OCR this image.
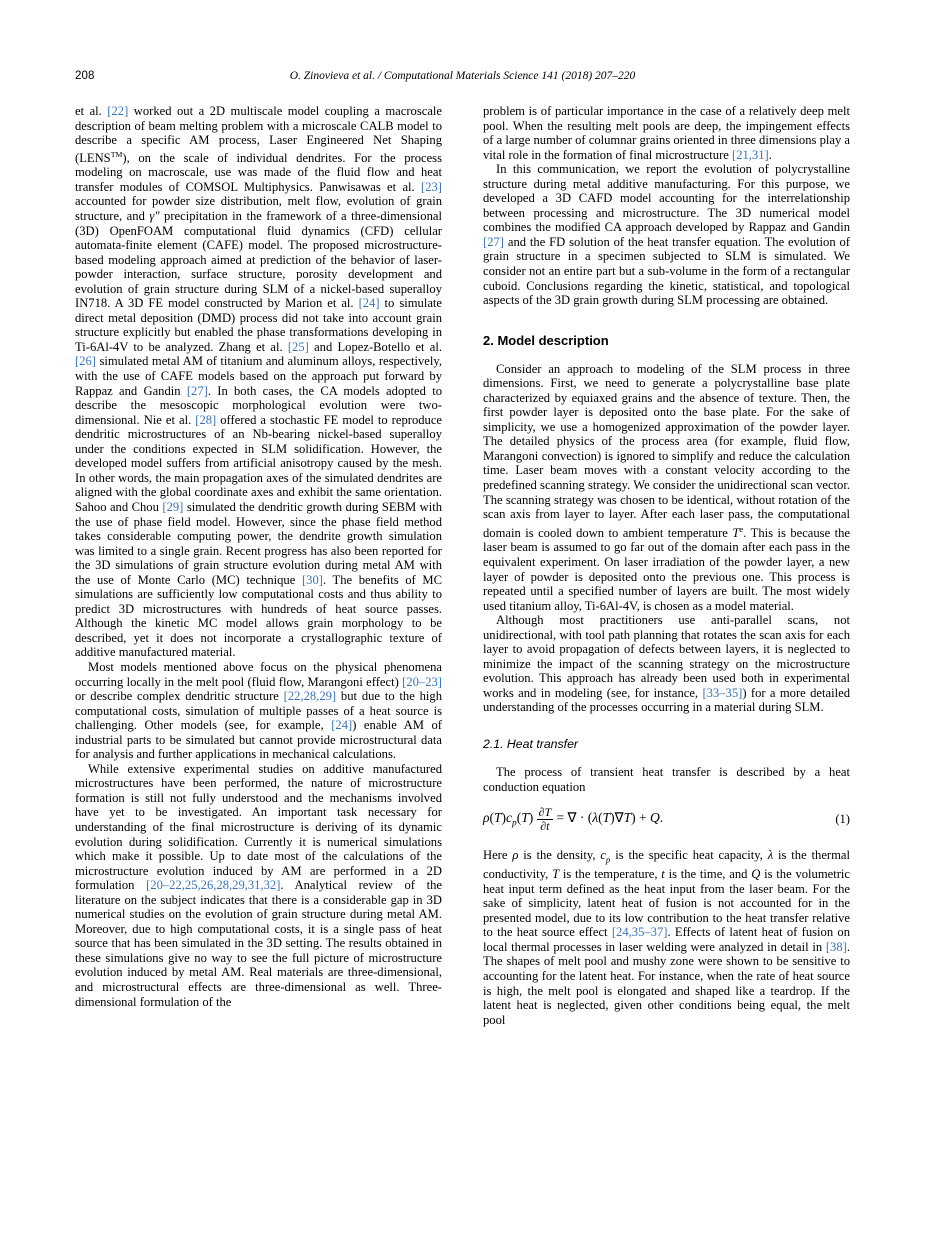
208	O. Zinovieva et al. / Computational Materials Science 141 (2018) 207–220

et al. [22] worked out a 2D multiscale model coupling a macroscale description of beam melting problem with a microscale CALB model to describe a specific AM process, Laser Engineered Net Shaping (LENS™), on the scale of individual dendrites. For the process modeling on macroscale, use was made of the fluid flow and heat transfer modules of COMSOL Multiphysics. Panwisawas et al. [23] accounted for powder size distribution, melt flow, evolution of grain structure, and γ″ precipitation in the framework of a three-dimensional (3D) OpenFOAM computational fluid dynamics (CFD) cellular automata-finite element (CAFE) model. The proposed microstructure-based modeling approach aimed at prediction of the behavior of laser-powder interaction, surface structure, porosity development and evolution of grain structure during SLM of a nickel-based superalloy IN718. A 3D FE model constructed by Marion et al. [24] to simulate direct metal deposition (DMD) process did not take into account grain structure explicitly but enabled the phase transformations developing in Ti-6Al-4V to be analyzed. Zhang et al. [25] and Lopez-Botello et al. [26] simulated metal AM of titanium and aluminum alloys, respectively, with the use of CAFE models based on the approach put forward by Rappaz and Gandin [27]. In both cases, the CA models adopted to describe the mesoscopic morphological evolution were two-dimensional. Nie et al. [28] offered a stochastic FE model to reproduce dendritic microstructures of an Nb-bearing nickel-based superalloy under the conditions expected in SLM solidification. However, the developed model suffers from artificial anisotropy caused by the mesh. In other words, the main propagation axes of the simulated dendrites are aligned with the global coordinate axes and exhibit the same orientation. Sahoo and Chou [29] simulated the dendritic growth during SEBM with the use of phase field model. However, since the phase field method takes considerable computing power, the dendrite growth simulation was limited to a single grain. Recent progress has also been reported for the 3D simulations of grain structure evolution during metal AM with the use of Monte Carlo (MC) technique [30]. The benefits of MC simulations are sufficiently low computational costs and thus ability to predict 3D microstructures with hundreds of heat source passes. Although the kinetic MC model allows grain morphology to be described, yet it does not incorporate a crystallographic texture of additive manufactured material.

Most models mentioned above focus on the physical phenomena occurring locally in the melt pool (fluid flow, Marangoni effect) [20–23] or describe complex dendritic structure [22,28,29] but due to the high computational costs, simulation of multiple passes of a heat source is challenging. Other models (see, for example, [24]) enable AM of industrial parts to be simulated but cannot provide microstructural data for analysis and further applications in mechanical calculations.

While extensive experimental studies on additive manufactured microstructures have been performed, the nature of microstructure formation is still not fully understood and the mechanisms involved have yet to be investigated. An important task necessary for understanding of the final microstructure is deriving of its dynamic evolution during solidification. Currently it is numerical simulations which make it possible. Up to date most of the calculations of the microstructure evolution induced by AM are performed in a 2D formulation [20–22,25,26,28,29,31,32]. Analytical review of the literature on the subject indicates that there is a considerable gap in 3D numerical studies on the evolution of grain structure during metal AM. Moreover, due to high computational costs, it is a single pass of heat source that has been simulated in the 3D setting. The results obtained in these simulations give no way to see the full picture of microstructure evolution induced by metal AM. Real materials are three-dimensional, and microstructural effects are three-dimensional as well. Three-dimensional formulation of the

problem is of particular importance in the case of a relatively deep melt pool. When the resulting melt pools are deep, the impingement effects of a large number of columnar grains oriented in three dimensions play a vital role in the formation of final microstructure [21,31].

In this communication, we report the evolution of polycrystalline structure during metal additive manufacturing. For this purpose, we developed a 3D CAFD model accounting for the interrelationship between processing and microstructure. The 3D numerical model combines the modified CA approach developed by Rappaz and Gandin [27] and the FD solution of the heat transfer equation. The evolution of grain structure in a specimen subjected to SLM is simulated. We consider not an entire part but a sub-volume in the form of a rectangular cuboid. Conclusions regarding the kinetic, statistical, and topological aspects of the 3D grain growth during SLM processing are obtained.

2. Model description

Consider an approach to modeling of the SLM process in three dimensions. First, we need to generate a polycrystalline base plate characterized by equiaxed grains and the absence of texture. Then, the first powder layer is deposited onto the base plate. For the sake of simplicity, we use a homogenized approximation of the powder layer. The detailed physics of the process area (for example, fluid flow, Marangoni convection) is ignored to simplify and reduce the calculation time. Laser beam moves with a constant velocity according to the predefined scanning strategy. We consider the unidirectional scan vector. The scanning strategy was chosen to be identical, without rotation of the scan axis from layer to layer. After each laser pass, the computational domain is cooled down to ambient temperature $T^e$. This is because the laser beam is assumed to go far out of the domain after each pass in the equivalent experiment. On laser irradiation of the powder layer, a new layer of powder is deposited onto the previous one. This process is repeated until a specified number of layers are built. The most widely used titanium alloy, Ti-6Al-4V, is chosen as a model material.

Although most practitioners use anti-parallel scans, not unidirectional, with tool path planning that rotates the scan axis for each layer to avoid propagation of defects between layers, it is neglected to minimize the impact of the scanning strategy on the microstructure evolution. This approach has already been used both in experimental works and in modeling (see, for instance, [33–35]) for a more detailed understanding of the processes occurring in a material during SLM.

2.1. Heat transfer

The process of transient heat transfer is described by a heat conduction equation

$\rho(T)c_p(T) \frac{\partial T}{\partial t}$ = ∇ · (λ(T)∇T) + Q.	(1)

Here ρ is the density, $c_p$ is the specific heat capacity, λ is the thermal conductivity, T is the temperature, t is the time, and Q is the volumetric heat input term defined as the heat input from the laser beam. For the sake of simplicity, latent heat of fusion is not accounted for in the presented model, due to its low contribution to the heat transfer relative to the heat source effect [24,35–37]. Effects of latent heat of fusion on local thermal processes in laser welding were analyzed in detail in [38]. The shapes of melt pool and mushy zone were shown to be sensitive to accounting for the latent heat. For instance, when the rate of heat source is high, the melt pool is elongated and shaped like a teardrop. If the latent heat is neglected, given other conditions being equal, the melt pool
